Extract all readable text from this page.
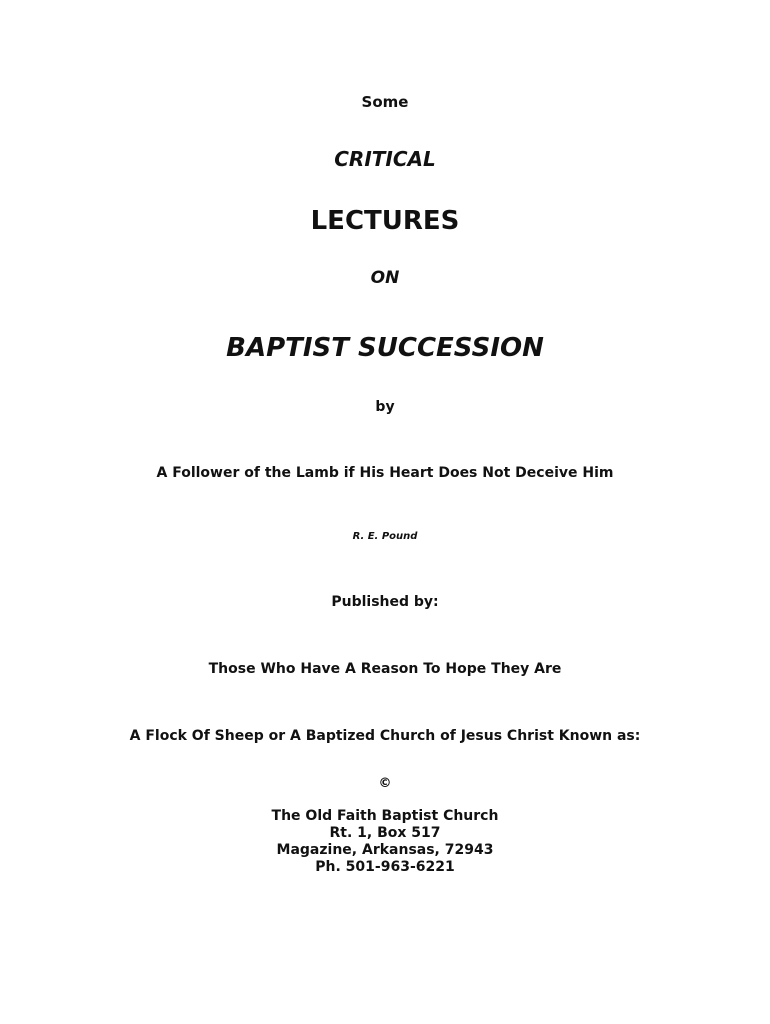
Some

CRITICAL

LECTURES

ON

BAPTIST SUCCESSION

by

A Follower of the Lamb if His Heart Does Not Deceive Him

R. E. Pound

Published by:

Those Who Have A Reason To Hope They Are

A Flock Of Sheep or A Baptized Church of Jesus Christ Known as:

©

The Old Faith Baptist Church
Rt. 1, Box 517
Magazine, Arkansas, 72943
Ph. 501-963-6221
